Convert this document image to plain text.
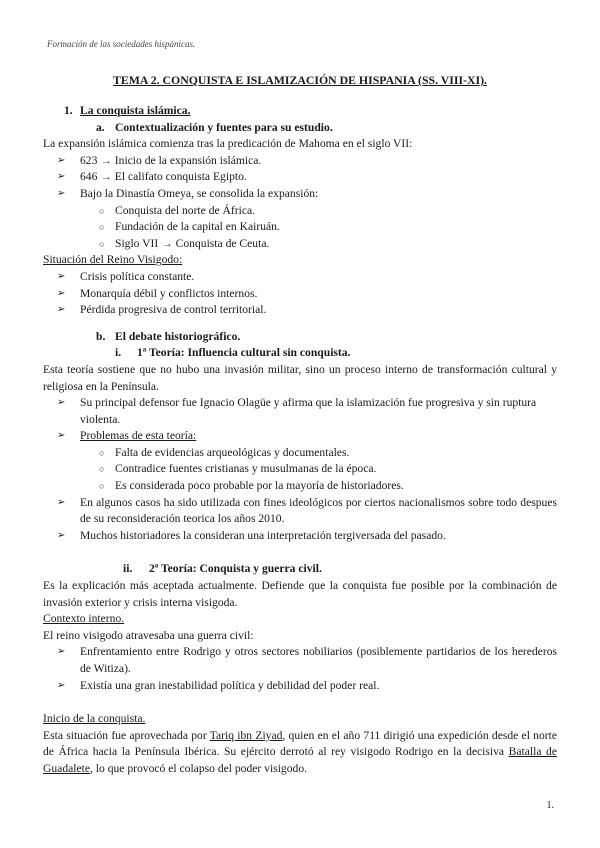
Formación de las sociedades hispánicas.
TEMA 2. CONQUISTA E ISLAMIZACIÓN DE HISPANIA (SS. VIII-XI).
1. La conquista islámica.
a. Contextualización y fuentes para su estudio.
La expansión islámica comienza tras la predicación de Mahoma en el siglo VII:
➢ 623 → Inicio de la expansión islámica.
➢ 646 → El califato conquista Egipto.
➢ Bajo la Dinastía Omeya, se consolida la expansión:
○ Conquista del norte de África.
○ Fundación de la capital en Kairuán.
○ Siglo VII → Conquista de Ceuta.
Situación del Reino Visigodo:
➢ Crisis política constante.
➢ Monarquía débil y conflictos internos.
➢ Pérdida progresiva de control territorial.
b. El debate historiográfico.
i. 1ª Teoría: Influencia cultural sin conquista.
Esta teoría sostiene que no hubo una invasión militar, sino un proceso interno de transformación cultural y religiosa en la Península.
➢ Su principal defensor fue Ignacio Olagüe y afirma que la islamización fue progresiva y sin ruptura violenta.
➢ Problemas de esta teoría:
○ Falta de evidencias arqueológicas y documentales.
○ Contradice fuentes cristianas y musulmanas de la época.
○ Es considerada poco probable por la mayoría de historiadores.
➢ En algunos casos ha sido utilizada con fines ideológicos por ciertos nacionalismos sobre todo despues de su reconsideración teorica los años 2010.
➢ Muchos historiadores la consideran una interpretación tergiversada del pasado.
ii. 2ª Teoría: Conquista y guerra civil.
Es la explicación más aceptada actualmente. Defiende que la conquista fue posible por la combinación de invasión exterior y crisis interna visigoda.
Contexto interno.
El reino visigodo atravesaba una guerra civil:
➢ Enfrentamiento entre Rodrigo y otros sectores nobiliarios (posiblemente partidarios de los herederos de Witiza).
➢ Existía una gran inestabilidad política y debilidad del poder real.
Inicio de la conquista.
Esta situación fue aprovechada por Tariq ibn Ziyad, quien en el año 711 dirigió una expedición desde el norte de África hacia la Península Ibérica. Su ejército derrotó al rey visigodo Rodrigo en la decisiva Batalla de Guadalete, lo que provocó el colapso del poder visigodo.
1.
